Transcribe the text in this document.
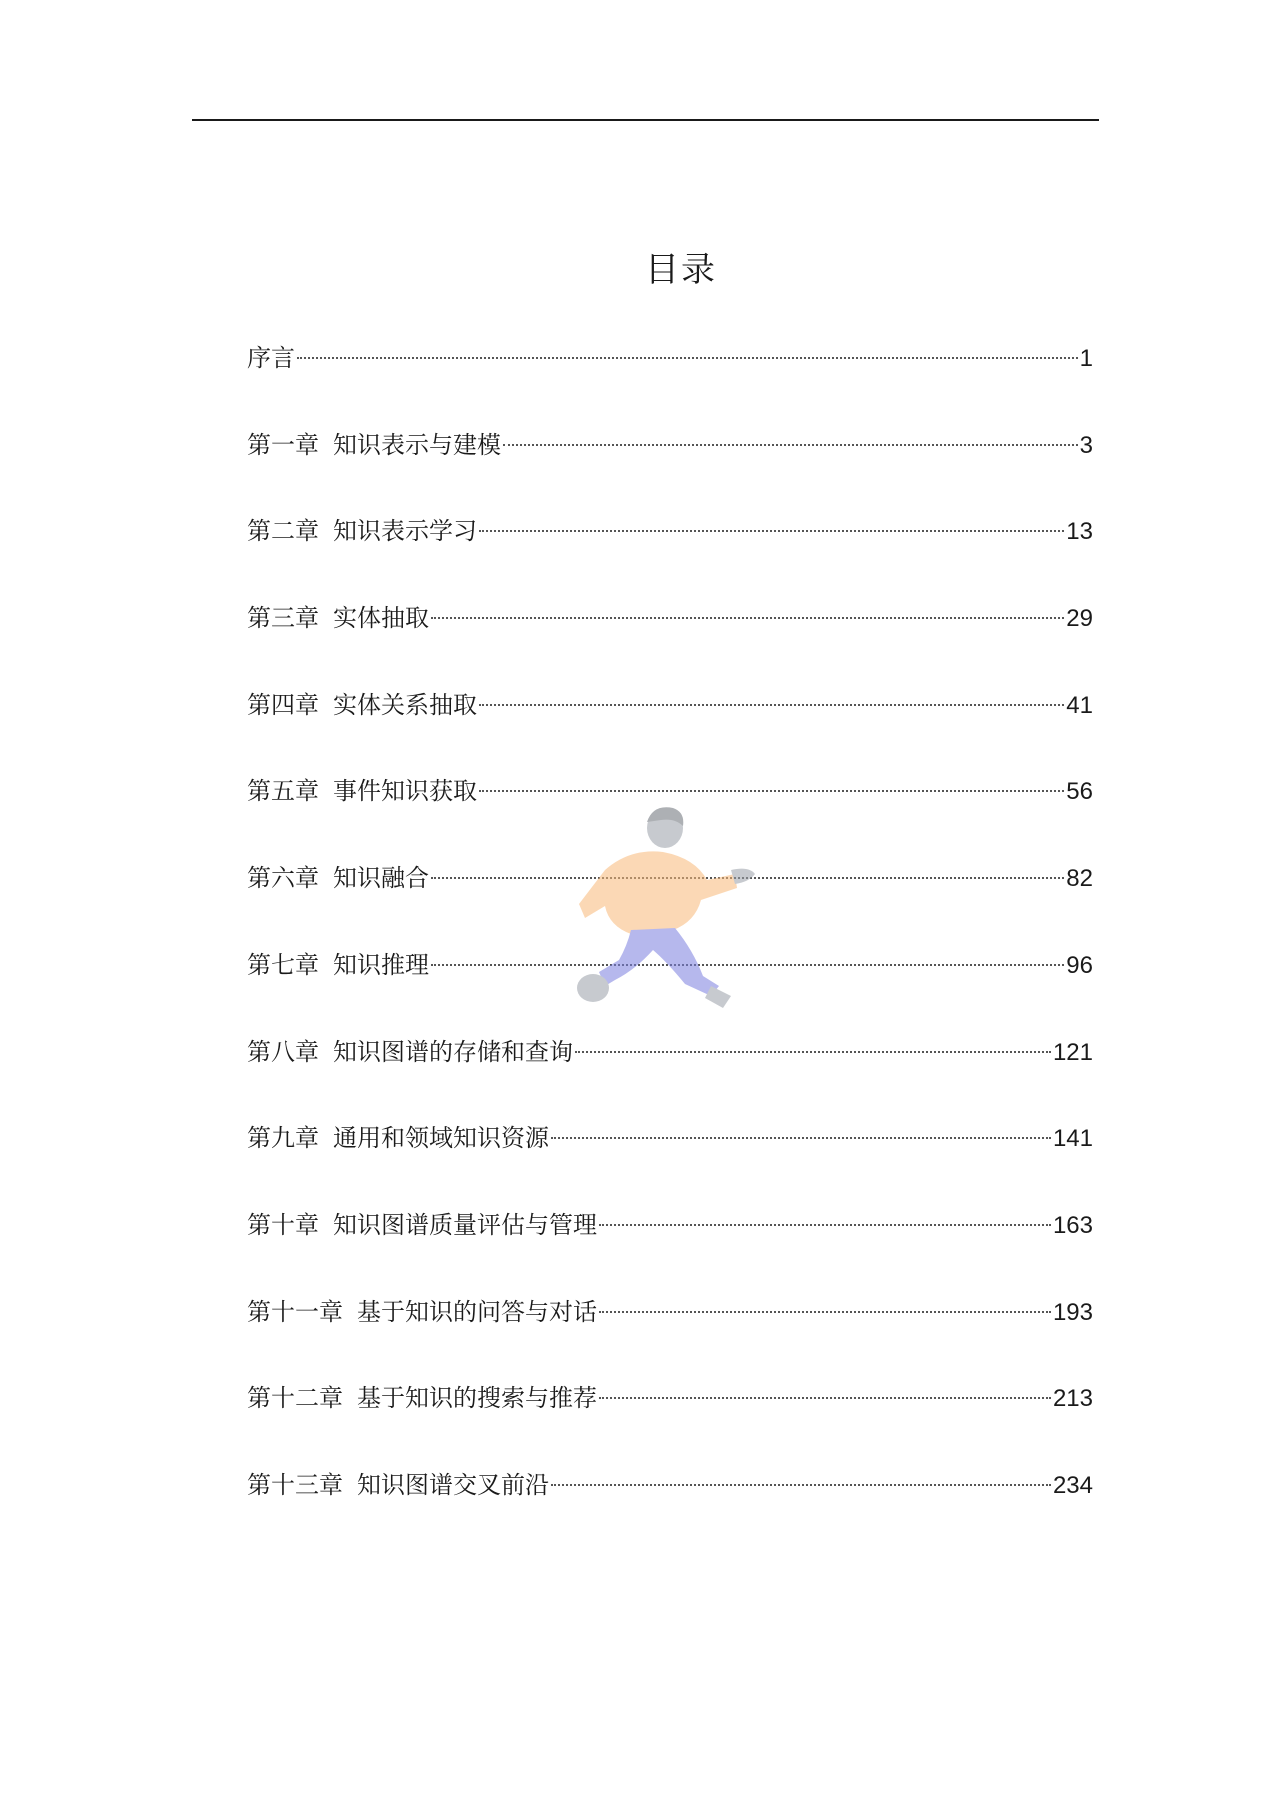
目录
序言	1
第一章 知识表示与建模	3
第二章 知识表示学习	13
第三章 实体抽取	29
第四章 实体关系抽取	41
第五章 事件知识获取	56
第六章 知识融合	82
第七章 知识推理	96
第八章 知识图谱的存储和查询	121
第九章 通用和领域知识资源	141
第十章 知识图谱质量评估与管理	163
第十一章 基于知识的问答与对话	193
第十二章 基于知识的搜索与推荐	213
第十三章 知识图谱交叉前沿	234
